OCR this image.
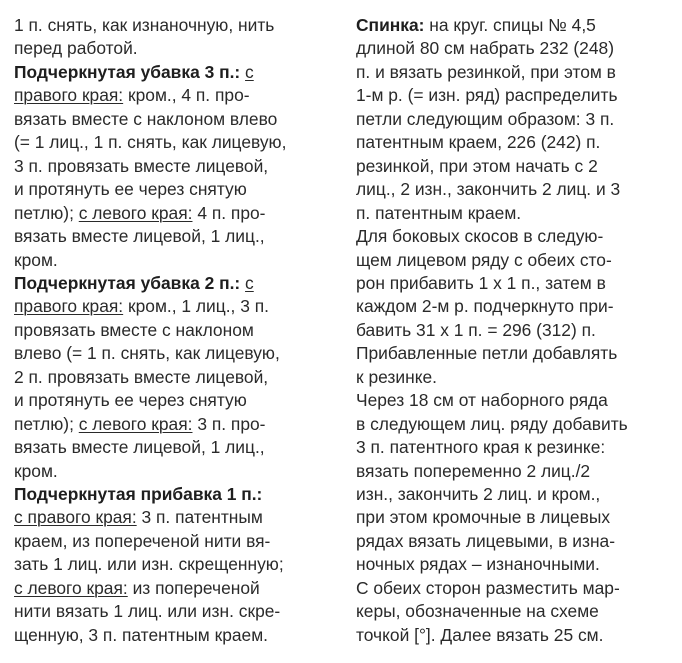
1 п. снять, как изнаночную, нить
перед работой.
Подчеркнутая убавка 3 п.: с
правого края: кром., 4 п. про-
вязать вместе с наклоном влево
(= 1 лиц., 1 п. снять, как лицевую,
3 п. провязать вместе лицевой,
и протянуть ее через снятую
петлю); с левого края: 4 п. про-
вязать вместе лицевой, 1 лиц.,
кром.
Подчеркнутая убавка 2 п.: с
правого края: кром., 1 лиц., 3 п.
провязать вместе с наклоном
влево (= 1 п. снять, как лицевую,
2 п. провязать вместе лицевой,
и протянуть ее через снятую
петлю); с левого края: 3 п. про-
вязать вместе лицевой, 1 лиц.,
кром.
Подчеркнутая прибавка 1 п.:
с правого края: 3 п. патентным
краем, из попереченой нити вя-
зать 1 лиц. или изн. скрещенную;
с левого края: из попереченой
нити вязать 1 лиц. или изн. скре-
щенную, 3 п. патентным краем.
Спинка: на круг. спицы № 4,5
длиной 80 см набрать 232 (248)
п. и вязать резинкой, при этом в
1-м р. (= изн. ряд) распределить
петли следующим образом: 3 п.
патентным краем, 226 (242) п.
резинкой, при этом начать с 2
лиц., 2 изн., закончить 2 лиц. и 3
п. патентным краем.
Для боковых скосов в следую-
щем лицевом ряду с обеих сто-
рон прибавить 1 х 1 п., затем в
каждом 2-м р. подчеркнуто при-
бавить 31 х 1 п. = 296 (312) п.
Прибавленные петли добавлять
к резинке.
Через 18 см от наборного ряда
в следующем лиц. ряду добавить
3 п. патентного края к резинке:
вязать попеременно 2 лиц./2
изн., закончить 2 лиц. и кром.,
при этом кромочные в лицевых
рядах вязать лицевыми, в изна-
ночных рядах – изнаночными.
С обеих сторон разместить мар-
керы, обозначенные на схеме
точкой [°]. Далее вязать 25 см.
